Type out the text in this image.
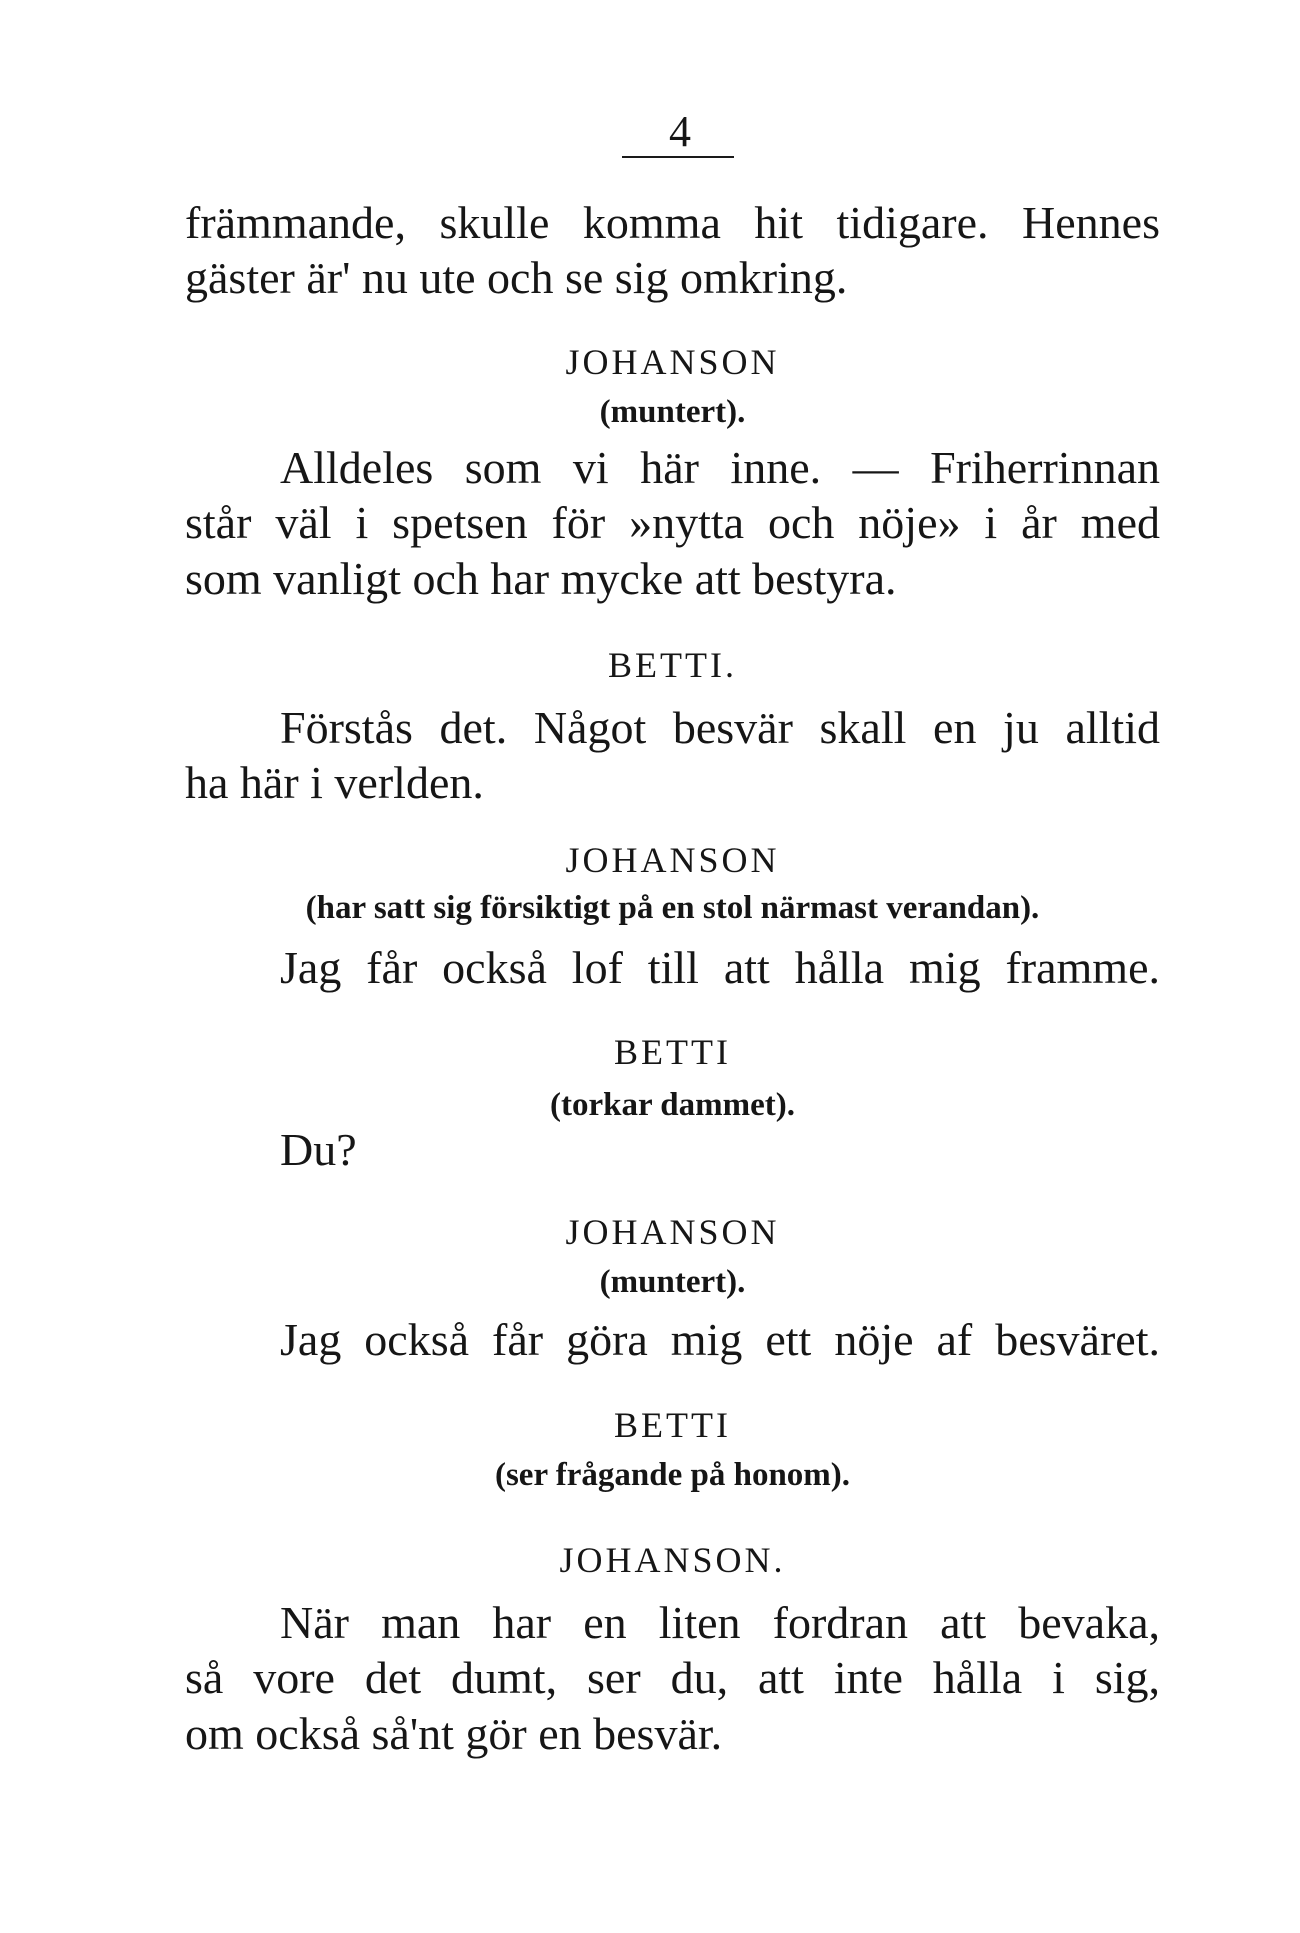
4
främmande, skulle komma hit tidigare. Hennes
gäster är' nu ute och se sig omkring.
JOHANSON
(muntert).
Alldeles som vi här inne. — Friherrinnan
står väl i spetsen för »nytta och nöje» i år med
som vanligt och har mycke att bestyra.
BETTI.
Förstås det. Något besvär skall en ju alltid
ha här i verlden.
JOHANSON
(har satt sig försiktigt på en stol närmast verandan).
Jag får också lof till att hålla mig framme.
BETTI
(torkar dammet).
Du?
JOHANSON
(muntert).
Jag också får göra mig ett nöje af besväret.
BETTI
(ser frågande på honom).
JOHANSON.
När man har en liten fordran att bevaka,
så vore det dumt, ser du, att inte hålla i sig,
om också så'nt gör en besvär.
